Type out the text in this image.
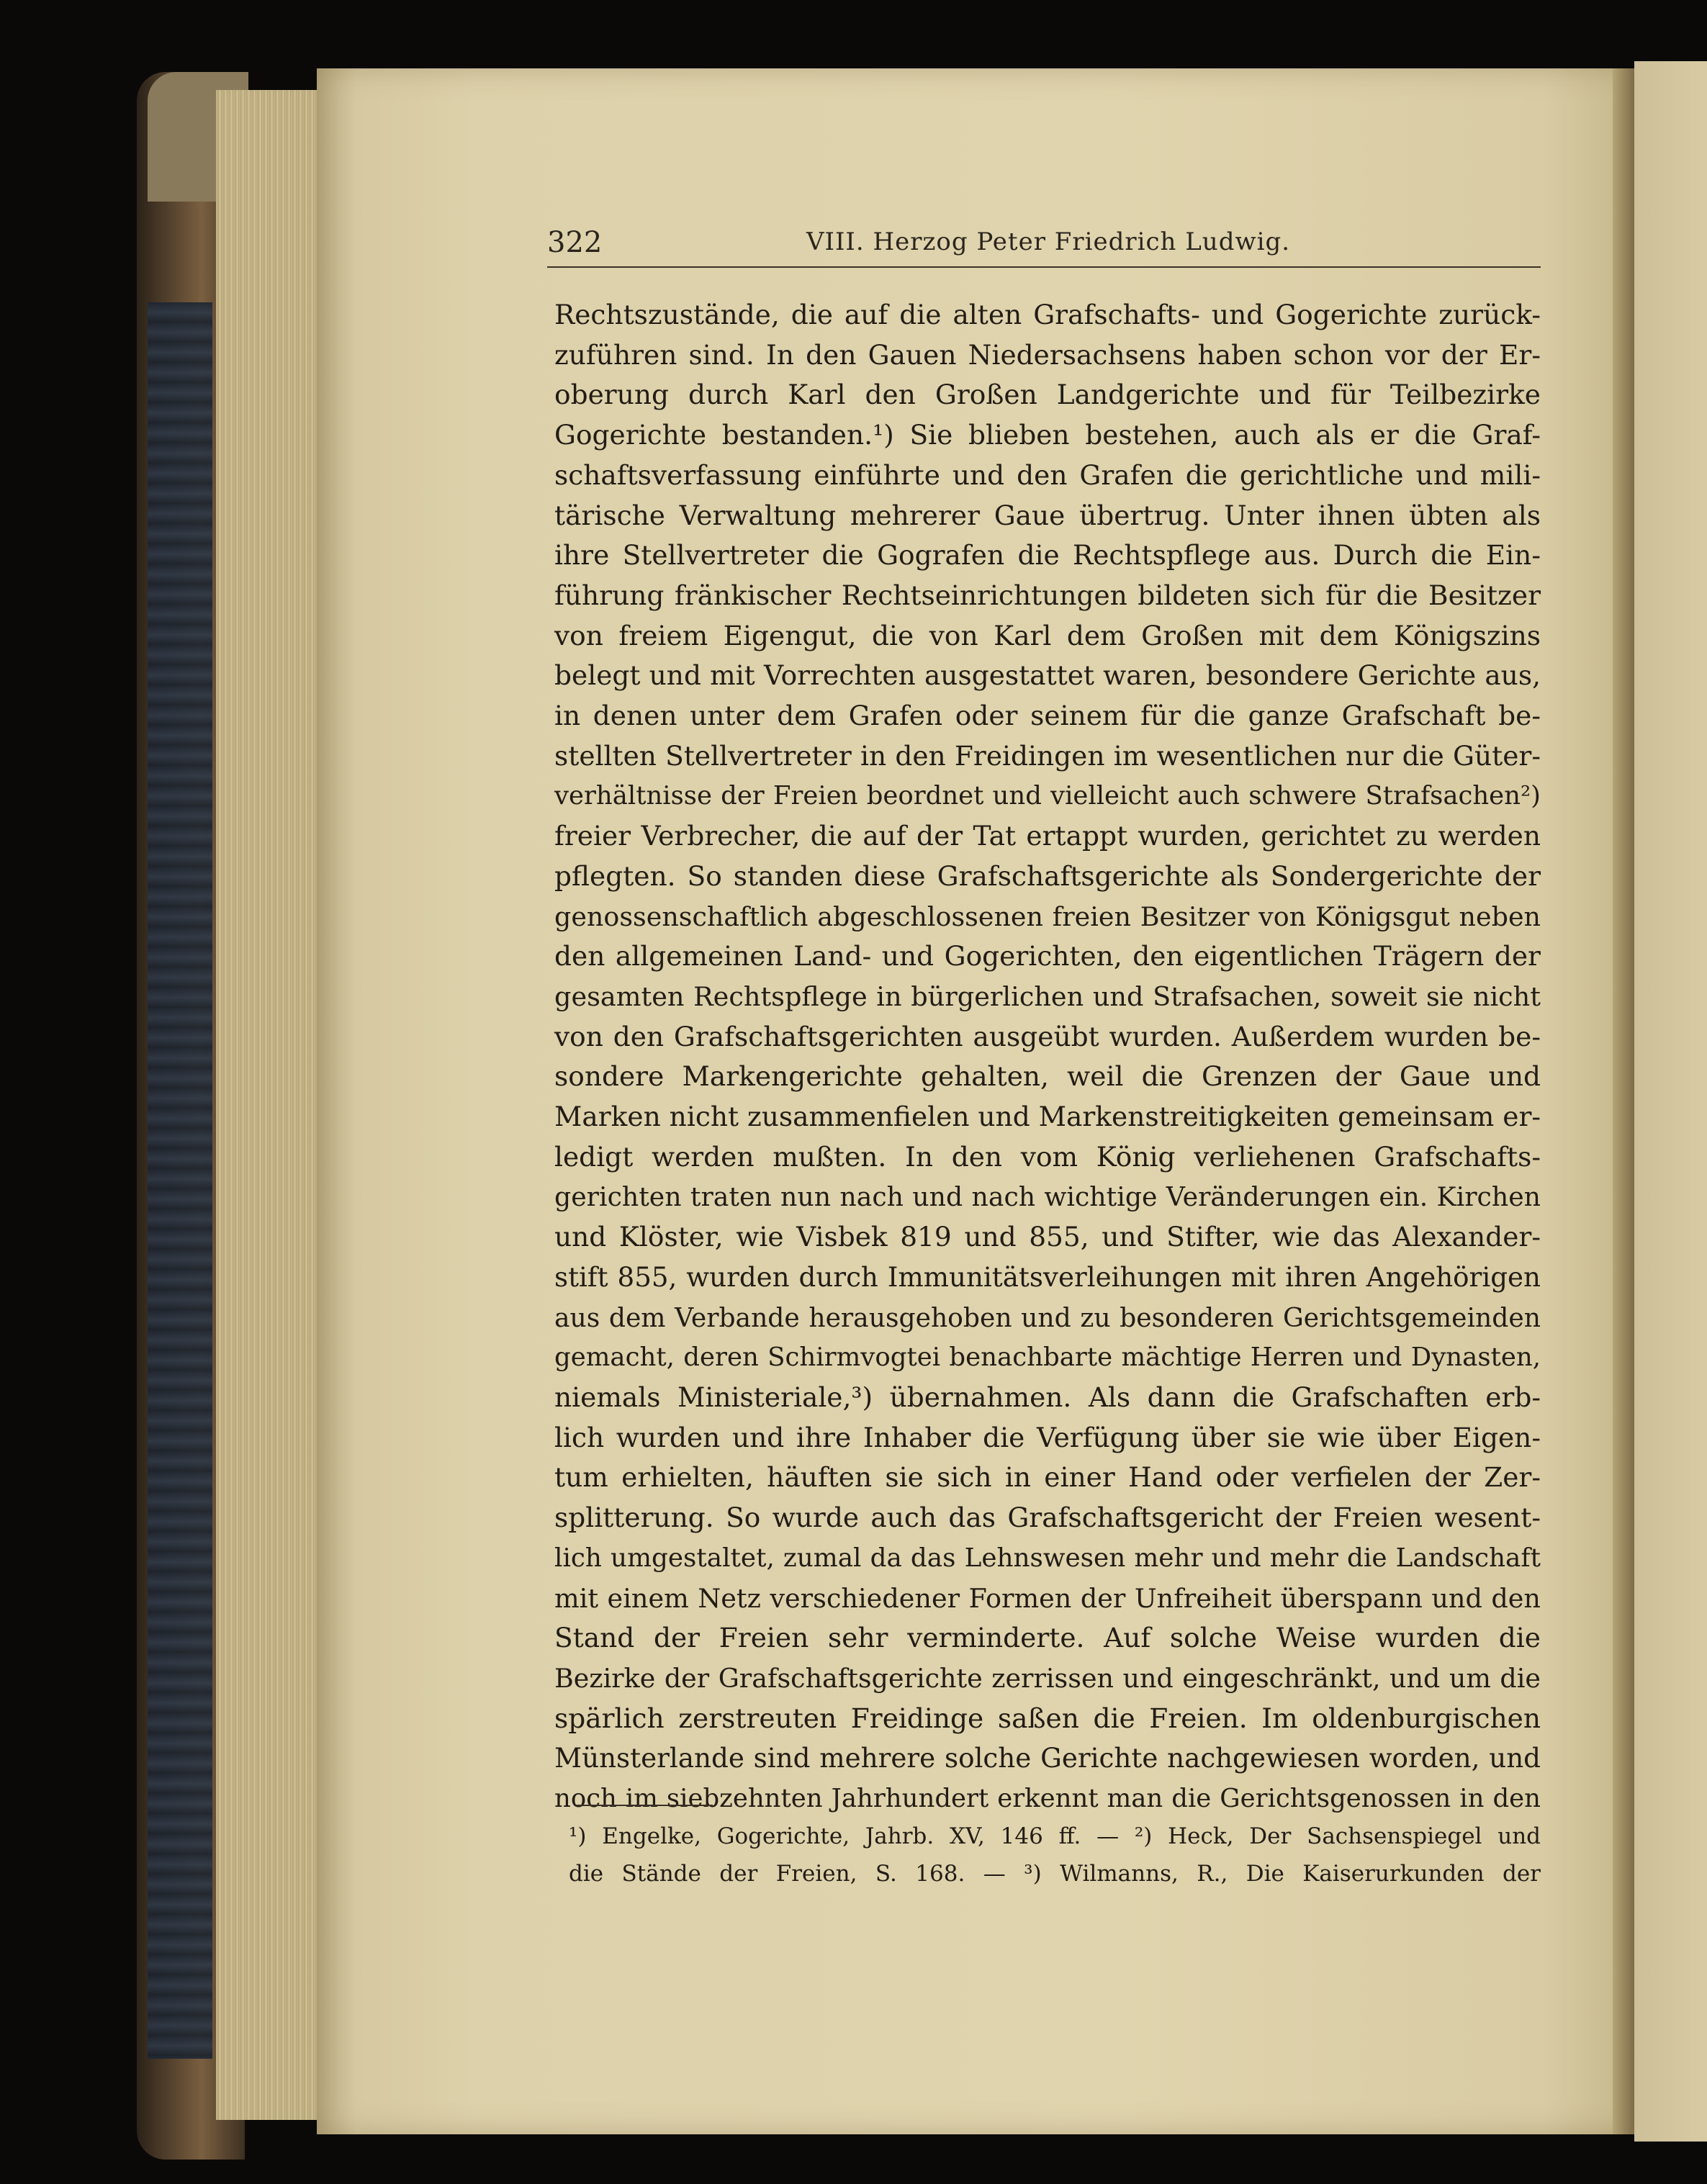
322	VIII. Herzog Peter Friedrich Ludwig.
Rechtszustände, die auf die alten Grafschafts- und Gogerichte zurück-
zuführen sind. In den Gauen Niedersachsens haben schon vor der Er-
oberung durch Karl den Großen Landgerichte und für Teilbezirke
Gogerichte bestanden.¹) Sie blieben bestehen, auch als er die Graf-
schaftsverfassung einführte und den Grafen die gerichtliche und mili-
tärische Verwaltung mehrerer Gaue übertrug. Unter ihnen übten als
ihre Stellvertreter die Gografen die Rechtspflege aus. Durch die Ein-
führung fränkischer Rechtseinrichtungen bildeten sich für die Besitzer
von freiem Eigengut, die von Karl dem Großen mit dem Königszins
belegt und mit Vorrechten ausgestattet waren, besondere Gerichte aus,
in denen unter dem Grafen oder seinem für die ganze Grafschaft be-
stellten Stellvertreter in den Freidingen im wesentlichen nur die Güter-
verhältnisse der Freien beordnet und vielleicht auch schwere Strafsachen²)
freier Verbrecher, die auf der Tat ertappt wurden, gerichtet zu werden
pflegten. So standen diese Grafschaftsgerichte als Sondergerichte der
genossenschaftlich abgeschlossenen freien Besitzer von Königsgut neben
den allgemeinen Land- und Gogerichten, den eigentlichen Trägern der
gesamten Rechtspflege in bürgerlichen und Strafsachen, soweit sie nicht
von den Grafschaftsgerichten ausgeübt wurden. Außerdem wurden be-
sondere Markengerichte gehalten, weil die Grenzen der Gaue und
Marken nicht zusammenfielen und Markenstreitigkeiten gemeinsam er-
ledigt werden mußten. In den vom König verliehenen Grafschafts-
gerichten traten nun nach und nach wichtige Veränderungen ein. Kirchen
und Klöster, wie Visbek 819 und 855, und Stifter, wie das Alexander-
stift 855, wurden durch Immunitätsverleihungen mit ihren Angehörigen
aus dem Verbande herausgehoben und zu besonderen Gerichtsgemeinden
gemacht, deren Schirmvogtei benachbarte mächtige Herren und Dynasten,
niemals Ministeriale,³) übernahmen. Als dann die Grafschaften erb-
lich wurden und ihre Inhaber die Verfügung über sie wie über Eigen-
tum erhielten, häuften sie sich in einer Hand oder verfielen der Zer-
splitterung. So wurde auch das Grafschaftsgericht der Freien wesent-
lich umgestaltet, zumal da das Lehnswesen mehr und mehr die Landschaft
mit einem Netz verschiedener Formen der Unfreiheit überspann und den
Stand der Freien sehr verminderte. Auf solche Weise wurden die
Bezirke der Grafschaftsgerichte zerrissen und eingeschränkt, und um die
spärlich zerstreuten Freidinge saßen die Freien. Im oldenburgischen
Münsterlande sind mehrere solche Gerichte nachgewiesen worden, und
noch im siebzehnten Jahrhundert erkennt man die Gerichtsgenossen in den
¹) Engelke, Gogerichte, Jahrb. XV, 146 ff. — ²) Heck, Der Sachsenspiegel und
die Stände der Freien, S. 168. — ³) Wilmanns, R., Die Kaiserurkunden der
